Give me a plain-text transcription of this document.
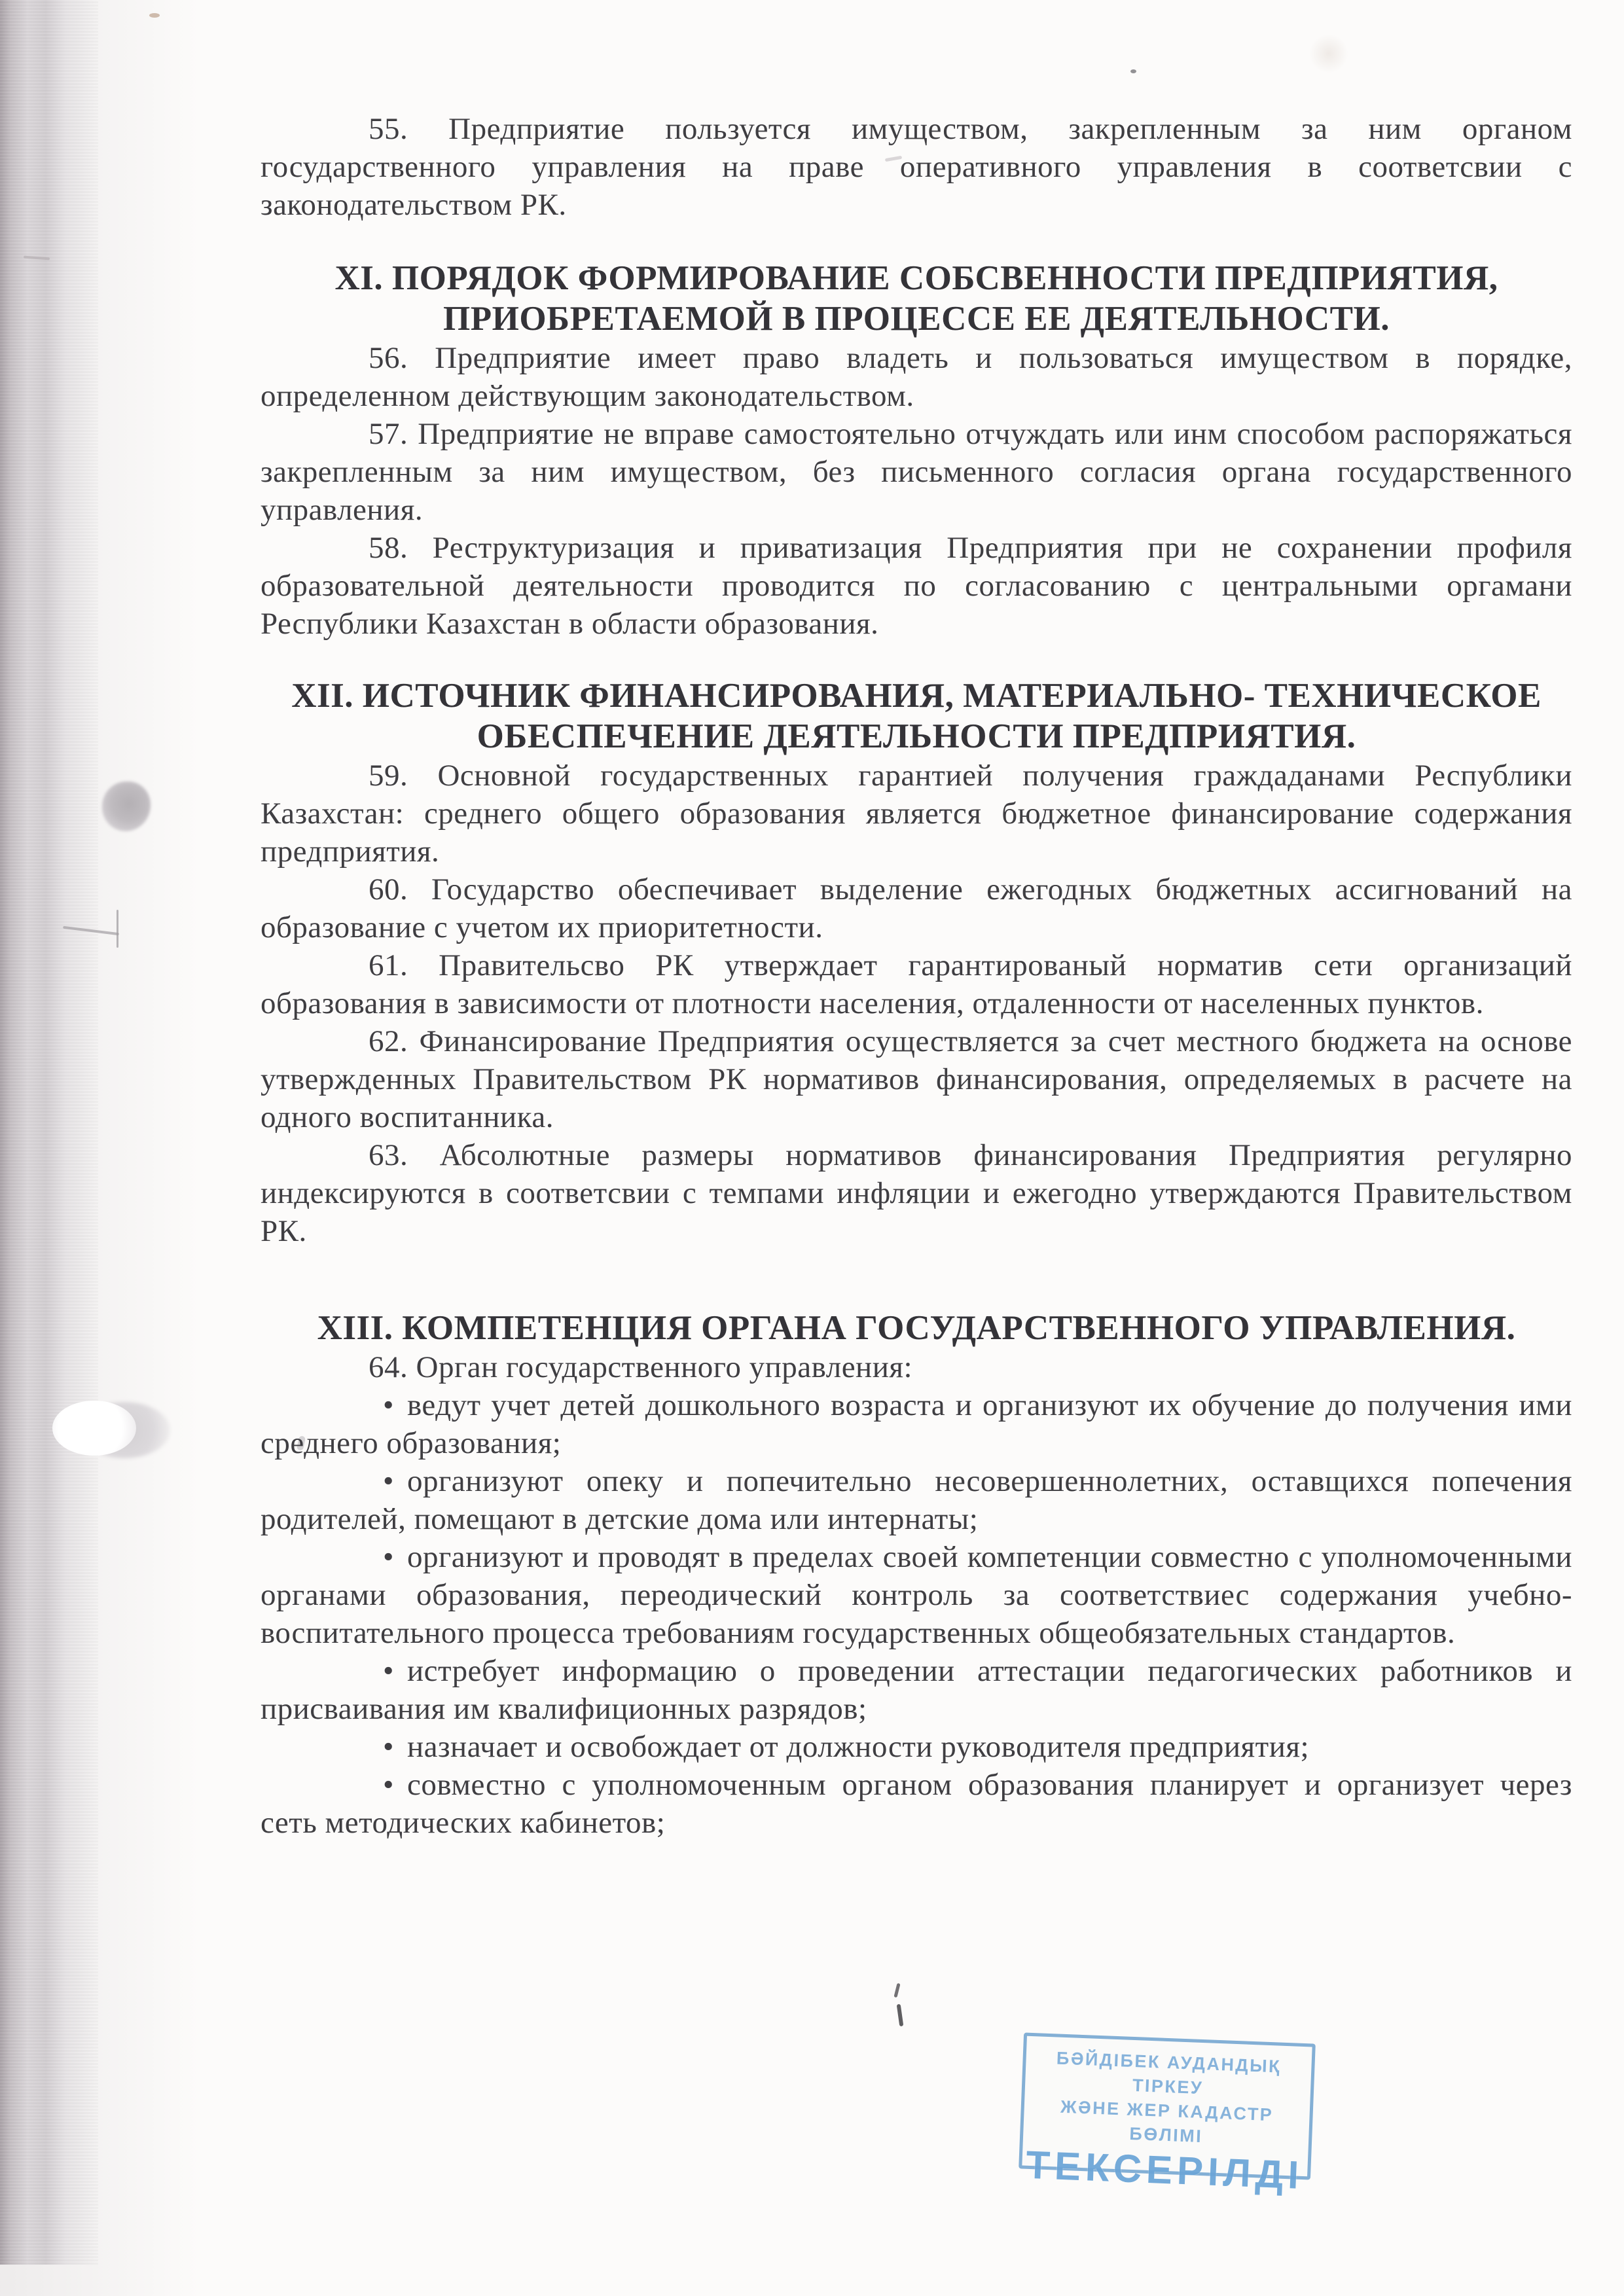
55. Предприятие пользуется имуществом, закрепленным за ним органом государственного управления на праве оперативного управления в соответсвии с законодательством РК.

XI. ПОРЯДОК ФОРМИРОВАНИЕ СОБСВЕННОСТИ ПРЕДПРИЯТИЯ,

ПРИОБРЕТАЕМОЙ В ПРОЦЕССЕ ЕЕ ДЕЯТЕЛЬНОСТИ.

56. Предприятие имеет право владеть и пользоваться имуществом в порядке, определенном действующим законодательством.

57. Предприятие не вправе самостоятельно отчуждать или инм способом распоряжаться закрепленным за ним имуществом, без письменного согласия органа государственного управления.

58. Реструктуризация и приватизация Предприятия при не сохранении профиля образовательной деятельности проводится по согласованию с центральными оргамани Республики Казахстан в области образования.

XII. ИСТОЧНИК ФИНАНСИРОВАНИЯ, МАТЕРИАЛЬНО- ТЕХНИЧЕСКОЕ

ОБЕСПЕЧЕНИЕ ДЕЯТЕЛЬНОСТИ ПРЕДПРИЯТИЯ.

59. Основной государственных гарантией получения граждаданами Республики Казахстан: среднего общего образования является бюджетное финансирование содержания предприятия.

60. Государство обеспечивает выделение ежегодных бюджетных ассигнований на образование с учетом их приоритетности.

61. Правительсво РК утверждает гарантированый норматив сети организаций образования в зависимости от плотности населения, отдаленности от населенных пунктов.

62. Финансирование Предприятия осуществляется за счет местного бюджета на основе утвержденных Правительством РК нормативов финансирования, определяемых в расчете на одного воспитанника.

63. Абсолютные размеры нормативов финансирования Предприятия регулярно индексируются в соответсвии с темпами инфляции и ежегодно утверждаются Правительством РК.

XIII. КОМПЕТЕНЦИЯ ОРГАНА ГОСУДАРСТВЕННОГО УПРАВЛЕНИЯ.

64. Орган государственного управления:

• ведут учет детей дошкольного возраста и организуют их обучение до получения ими среднего образования;

• организуют опеку и попечительно несовершеннолетних, оставщихся попечения родителей, помещают в детские дома или интернаты;

• организуют и проводят в пределах своей компетенции совместно с уполномоченными органами образования, переодический контроль за соответствиес содержания учебно-воспитательного процесса требованиям государственных общеобязательных стандартов.

• истребует информацию о проведении аттестации педагогических работников и присваивания им квалифиционных разрядов;

• назначает и освобождает от должности руководителя предприятия;

• совместно с уполномоченным органом образования планирует и организует через сеть методических кабинетов;

БӘЙДІБЕК АУДАНДЫҚ ТІРКЕУ

ЖӘНЕ ЖЕР КАДАСТР БӨЛІМІ

ТЕКСЕРІЛДІ
